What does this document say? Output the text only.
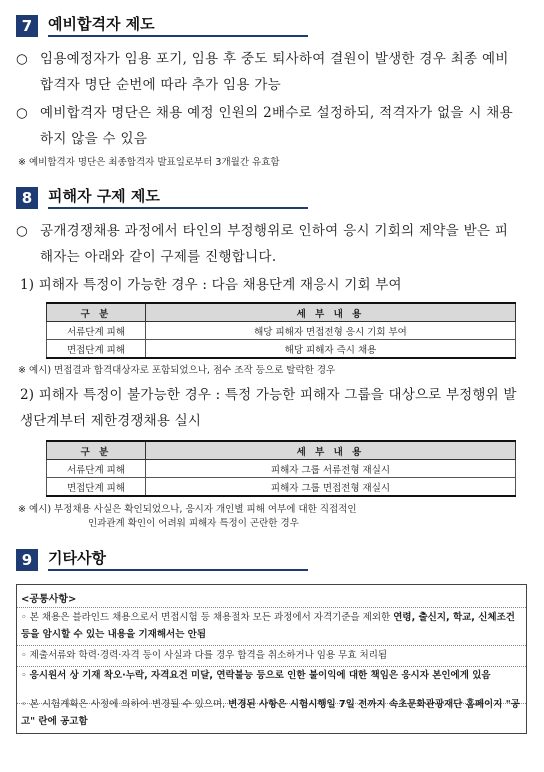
7	예비합격자 제도
○ 임용예정자가 임용 포기, 임용 후 중도 퇴사하여 결원이 발생한 경우 최종 예비합격자 명단 순번에 따라 추가 임용 가능
○ 예비합격자 명단은 채용 예정 인원의 2배수로 설정하되, 적격자가 없을 시 채용하지 않을 수 있음
※ 예비합격자 명단은 최종합격자 발표일로부터 3개월간 유효함
8	피해자 구제 제도
○ 공개경쟁채용 과정에서 타인의 부정행위로 인하여 응시 기회의 제약을 받은 피해자는 아래와 같이 구제를 진행합니다.
1) 피해자 특정이 가능한 경우 : 다음 채용단계 재응시 기회 부여
구 분	세 부 내 용
서류단계 피해	해당 피해자 면접전형 응시 기회 부여
면접단계 피해	해당 피해자 즉시 채용
※ 예시) 면접결과 합격대상자로 포함되었으나, 점수 조작 등으로 탈락한 경우
2) 피해자 특정이 불가능한 경우 : 특정 가능한 피해자 그룹을 대상으로 부정행위 발생단계부터 제한경쟁채용 실시
구 분	세 부 내 용
서류단계 피해	피해자 그룹 서류전형 재실시
면접단계 피해	피해자 그룹 면접전형 재실시
※ 예시) 부정채용 사실은 확인되었으나, 응시자 개인별 피해 여부에 대한 직접적인
인과관계 확인이 어려워 피해자 특정이 곤란한 경우
9	기타사항
<공통사항>
◦ 본 채용은 블라인드 채용으로서 면접시험 등 채용절차 모든 과정에서 자격기준을 제외한 연령, 출신지, 학교, 신체조건 등을 암시할 수 있는 내용을 기재해서는 안됨
◦ 제출서류와 학력·경력·자격 등이 사실과 다를 경우 합격을 취소하거나 임용 무효 처리됨
◦ 응시원서 상 기재 착오·누락, 자격요건 미달, 연락불능 등으로 인한 불이익에 대한 책임은 응시자 본인에게 있음
◦ 본 시험계획은 사정에 의하여 변경될 수 있으며, 변경된 사항은 시험시행일 7일 전까지 속초문화관광재단 홈페이지 "공고" 란에 공고함
